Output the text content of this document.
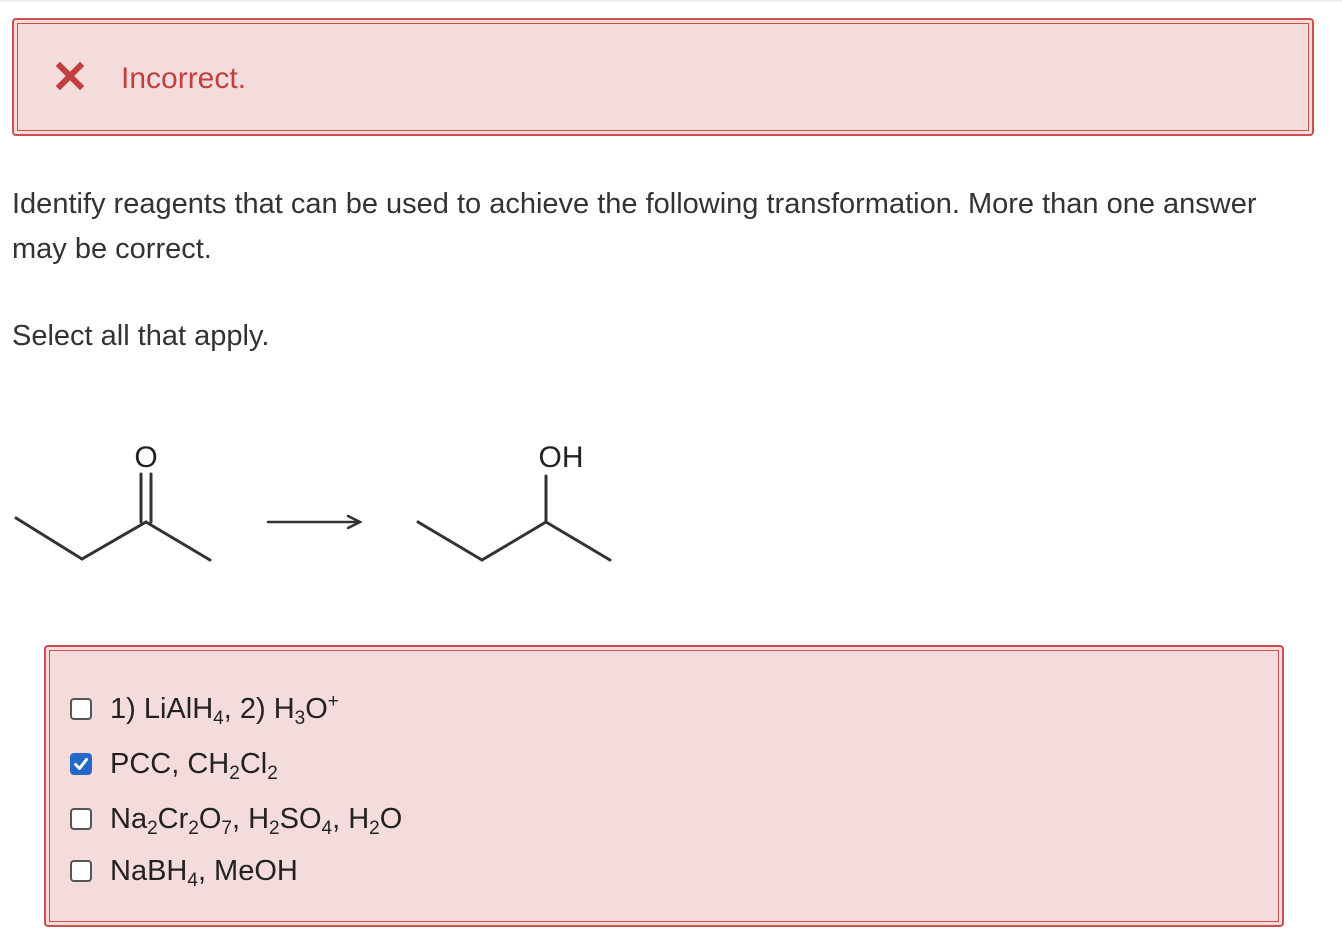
Incorrect.
Identify reagents that can be used to achieve the following transformation. More than one answer may be correct.
Select all that apply.
O	OH
1) LiAlH$_4$, 2) $H_3O^+$
PCC, $CH_2Cl_2$
$Na_2Cr_2O_7$, $H_2SO_4$, $H_2O$
NaBH$_4$, MeOH
